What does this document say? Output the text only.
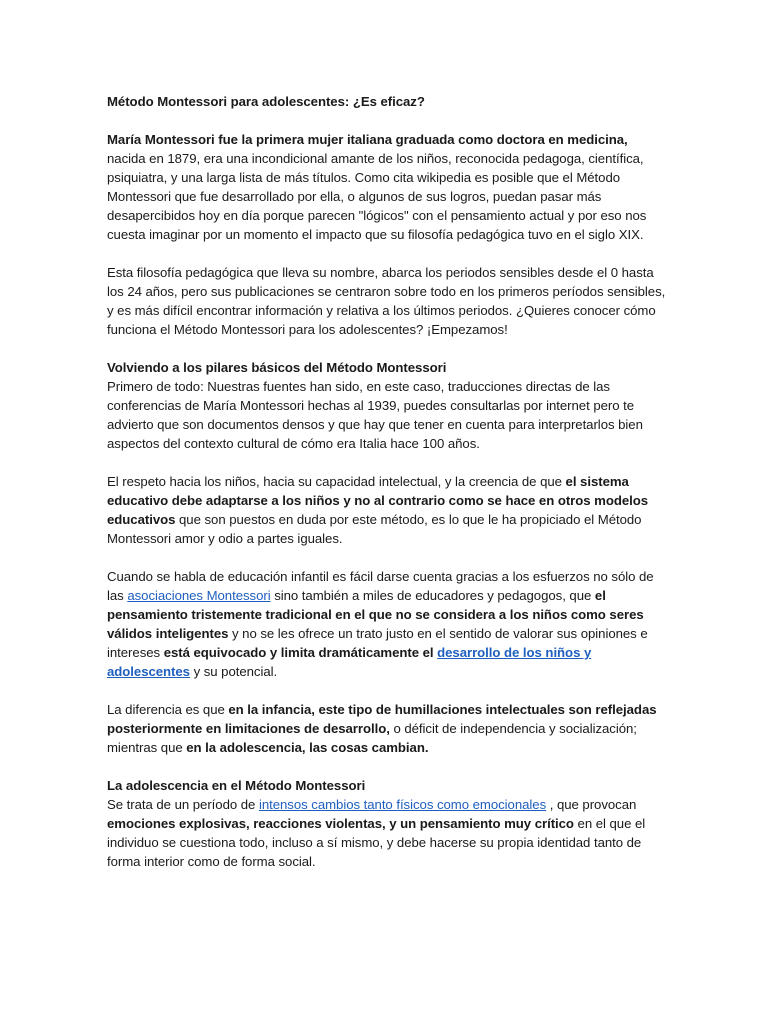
Método Montessori para adolescentes: ¿Es eficaz?

María Montessori fue la primera mujer italiana graduada como doctora en medicina, nacida en 1879, era una incondicional amante de los niños, reconocida pedagoga, científica, psiquiatra, y una larga lista de más títulos. Como cita wikipedia es posible que el Método Montessori que fue desarrollado por ella, o algunos de sus logros, puedan pasar más desapercibidos hoy en día porque parecen "lógicos" con el pensamiento actual y por eso nos cuesta imaginar por un momento el impacto que su filosofía pedagógica tuvo en el siglo XIX.

Esta filosofía pedagógica que lleva su nombre, abarca los periodos sensibles desde el 0 hasta los 24 años, pero sus publicaciones se centraron sobre todo en los primeros períodos sensibles, y es más difícil encontrar información y relativa a los últimos periodos. ¿Quieres conocer cómo funciona el Método Montessori para los adolescentes? ¡Empezamos!

Volviendo a los pilares básicos del Método Montessori

Primero de todo: Nuestras fuentes han sido, en este caso, traducciones directas de las conferencias de María Montessori hechas al 1939, puedes consultarlas por internet pero te advierto que son documentos densos y que hay que tener en cuenta para interpretarlos bien aspectos del contexto cultural de cómo era Italia hace 100 años.

El respeto hacia los niños, hacia su capacidad intelectual, y la creencia de que el sistema educativo debe adaptarse a los niños y no al contrario como se hace en otros modelos educativos que son puestos en duda por este método, es lo que le ha propiciado el Método Montessori amor y odio a partes iguales.

Cuando se habla de educación infantil es fácil darse cuenta gracias a los esfuerzos no sólo de las asociaciones Montessori sino también a miles de educadores y pedagogos, que el pensamiento tristemente tradicional en el que no se considera a los niños como seres válidos inteligentes y no se les ofrece un trato justo en el sentido de valorar sus opiniones e intereses está equivocado y limita dramáticamente el desarrollo de los niños y adolescentes y su potencial.

La diferencia es que en la infancia, este tipo de humillaciones intelectuales son reflejadas posteriormente en limitaciones de desarrollo, o déficit de independencia y socialización; mientras que en la adolescencia, las cosas cambian.

La adolescencia en el Método Montessori

Se trata de un período de intensos cambios tanto físicos como emocionales , que provocan emociones explosivas, reacciones violentas, y un pensamiento muy crítico en el que el individuo se cuestiona todo, incluso a sí mismo, y debe hacerse su propia identidad tanto de forma interior como de forma social.
